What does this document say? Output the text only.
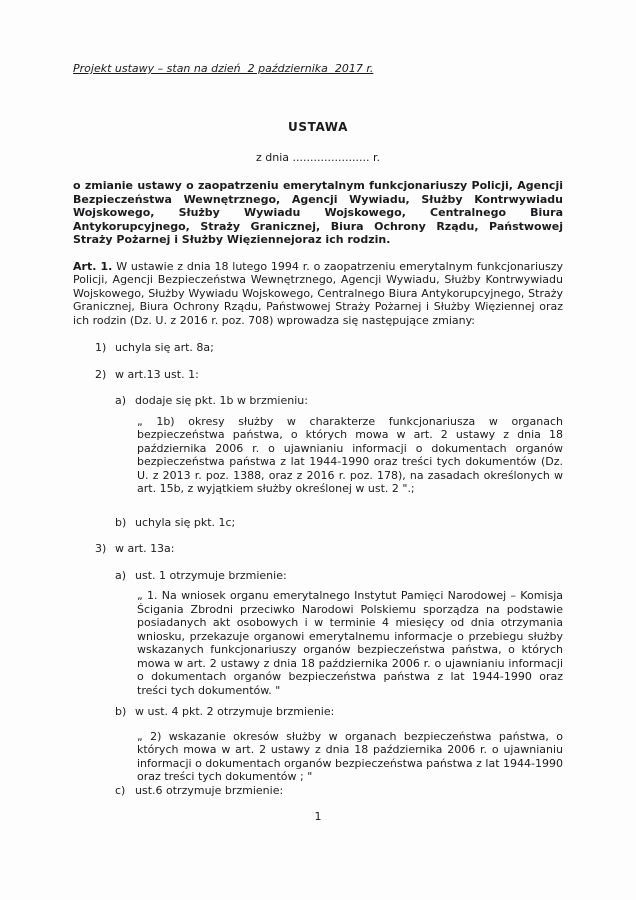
Projekt ustawy – stan na dzień  2 października  2017 r.
USTAWA
z dnia ...................... r.
o zmianie ustawy o zaopatrzeniu emerytalnym funkcjonariuszy Policji, Agencji Bezpieczeństwa Wewnętrznego, Agencji Wywiadu, Służby Kontrwywiadu Wojskowego, Służby Wywiadu Wojskowego, Centralnego Biura Antykorupcyjnego, Straży Granicznej, Biura Ochrony Rządu, Państwowej Straży Pożarnej i Służby Więziennejoraz ich rodzin.
Art. 1. W ustawie z dnia 18 lutego 1994 r. o zaopatrzeniu emerytalnym funkcjonariuszy Policji, Agencji Bezpieczeństwa Wewnętrznego, Agencji Wywiadu, Służby Kontrwywiadu Wojskowego, Służby Wywiadu Wojskowego, Centralnego Biura Antykorupcyjnego, Straży Granicznej, Biura Ochrony Rządu, Państwowej Straży Pożarnej i Służby Więziennej oraz ich rodzin (Dz. U. z 2016 r. poz. 708) wprowadza się następujące zmiany:
1) uchyla się art. 8a;
2) w art.13 ust. 1:
a) dodaje się pkt. 1b w brzmieniu:
„ 1b) okresy służby w charakterze funkcjonariusza w organach bezpieczeństwa państwa, o których mowa w art. 2 ustawy z dnia 18 października 2006 r. o ujawnianiu informacji o dokumentach organów bezpieczeństwa państwa z lat 1944-1990 oraz treści tych dokumentów (Dz. U. z 2013 r. poz. 1388, oraz z 2016 r. poz. 178), na zasadach określonych w art. 15b, z wyjątkiem służby określonej w ust. 2 ".;
b) uchyla się pkt. 1c;
3) w art. 13a:
a) ust. 1 otrzymuje brzmienie:
„ 1. Na wniosek organu emerytalnego Instytut Pamięci Narodowej – Komisja Ścigania Zbrodni przeciwko Narodowi Polskiemu sporządza na podstawie posiadanych akt osobowych i w terminie 4 miesięcy od dnia otrzymania wniosku, przekazuje organowi emerytalnemu informacje o przebiegu służby wskazanych funkcjonariuszy organów bezpieczeństwa państwa, o których mowa w art. 2 ustawy z dnia 18 października 2006 r. o ujawnianiu informacji o dokumentach organów bezpieczeństwa państwa z lat 1944-1990 oraz treści tych dokumentów. "
b) w ust. 4 pkt. 2 otrzymuje brzmienie:
„ 2) wskazanie okresów służby w organach bezpieczeństwa państwa, o których mowa w art. 2 ustawy z dnia 18 października 2006 r. o ujawnianiu informacji o dokumentach organów bezpieczeństwa państwa z lat 1944-1990 oraz treści tych dokumentów ; "
c) ust.6 otrzymuje brzmienie:
1
